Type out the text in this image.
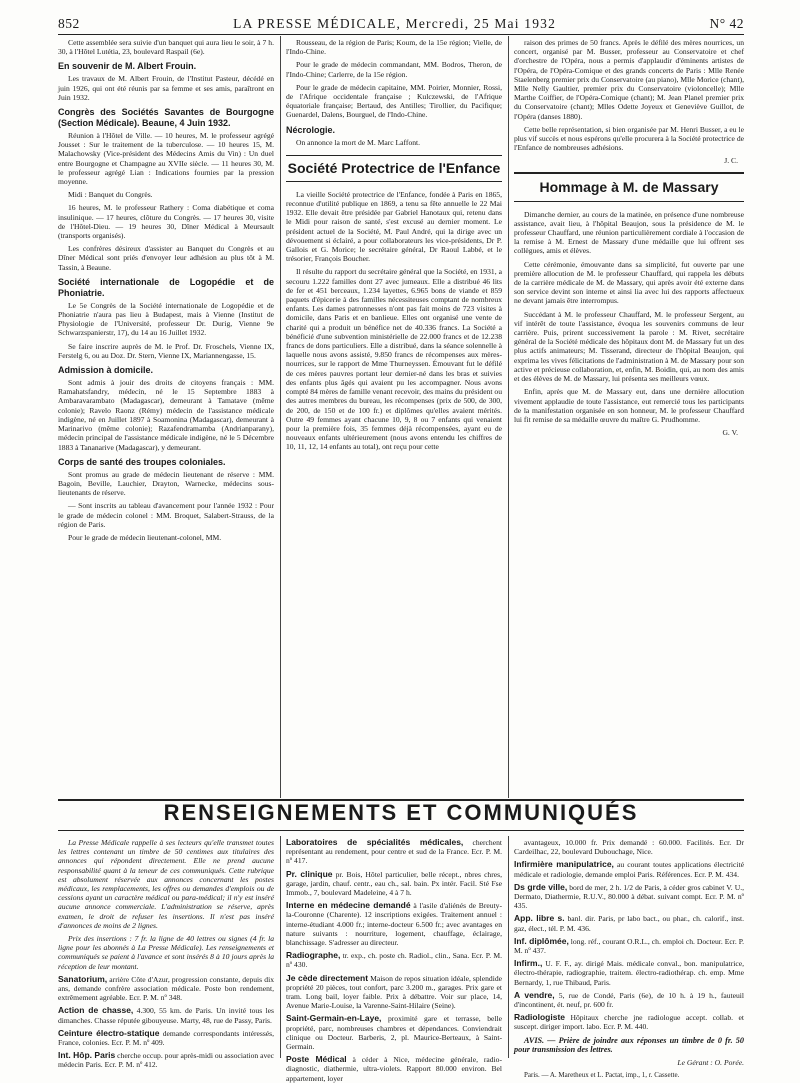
852	LA PRESSE MÉDICALE, Mercredi, 25 Mai 1932	N° 42

Cette assemblée sera suivie d'un banquet qui aura lieu le soir, à 7 h. 30, à l'Hôtel Lutétia, 23, boulevard Raspail (6e).

En souvenir de M. Albert Frouin.

Les travaux de M. Albert Frouin, de l'Institut Pasteur, décédé en juin 1926, qui ont été réunis par sa femme et ses amis, paraîtront en Juin 1932.

Congrès des Sociétés Savantes de Bourgogne (Section Médicale). Beaune, 4 Juin 1932.

Réunion à l'Hôtel de Ville. — 10 heures, M. le professeur agrégé Jousset : Sur le traitement de la tuberculose. — 10 heures 15, M. Malachowsky (Vice-président des Médecins Amis du Vin) : Un duel entre Bourgogne et Champagne au XVIIe siècle. — 11 heures 30, M. le professeur agrégé Lian : Indications fournies par la pression moyenne.

Midi : Banquet du Congrès.

16 heures, M. le professeur Rathery : Coma diabétique et coma insulinique. — 17 heures, clôture du Congrès. — 17 heures 30, visite de l'Hôtel-Dieu. — 19 heures 30, Dîner Médical à Meursault (transports organisés).

Les confrères désireux d'assister au Banquet du Congrès et au Dîner Médical sont priés d'envoyer leur adhésion au plus tôt à M. Tassin, à Beaune.

Société internationale de Logopédie et de Phoniatrie.

Le 5e Congrès de la Société internationale de Logopédie et de Phoniatrie n'aura pas lieu à Budapest, mais à Vienne (Institut de Physiologie de l'Université, professeur Dr. Durig, Vienne 9e Schwarzspanierstr, 17), du 14 au 16 Juillet 1932.

Se faire inscrire auprès de M. le Prof. Dr. Froschels, Vienne IX, Ferstelg 6, ou au Doz. Dr. Stern, Vienne IX, Mariannengasse, 15.

Admission à domicile.

Sont admis à jouir des droits de citoyens français : MM. Ramahatsfandry, médecin, né le 15 Septembre 1883 à Ambaravarambato (Madagascar), demeurant à Tamatave (même colonie); Ravelo Raonz (Rémy) médecin de l'assistance médicale indigène, né en Juillet 1897 à Soamonina (Madagascar), demeurant à Marinarivo (même colonie); Razafendramamba (Andrianparany), médecin principal de l'assistance médicale indigène, né le 5 Décembre 1883 à Tananarive (Madagascar), y demeurant.

Corps de santé des troupes coloniales.

Sont promus au grade de médecin lieutenant de réserve : MM. Bagoin, Beville, Lauchier, Drayton, Warnecke, médecins sous-lieutenants de réserve.

— Sont inscrits au tableau d'avancement pour l'année 1932 : Pour le grade de médecin colonel : MM. Broquet, Salabert-Strauss, de la région de Paris.

Pour le grade de médecin lieutenant-colonel, MM.

Rousseau, de la région de Paris; Koum, de la 15e région; Vielle, de l'Indo-Chine.

Pour le grade de médecin commandant, MM. Bodros, Theron, de l'Indo-Chine; Carlerre, de la 15e région.

Pour le grade de médecin capitaine, MM. Poirier, Monnier, Rossi, de l'Afrique occidentale française ; Kulczewski, de l'Afrique équatoriale française; Bertaud, des Antilles; Tirollier, du Pacifique; Guenardel, Dalens, Bourguel, de l'Indo-Chine.

Nécrologie.

On annonce la mort de M. Marc Laffont.

Société Protectrice de l'Enfance

La vieille Société protectrice de l'Enfance, fondée à Paris en 1865, reconnue d'utilité publique en 1869, a tenu sa fête annuelle le 22 Mai 1932. Elle devait être présidée par Gabriel Hanotaux qui, retenu dans le Midi pour raison de santé, s'est excusé au dernier moment. Le président actuel de la Société, M. Paul André, qui la dirige avec un dévouement si éclairé, a pour collaborateurs les vice-présidents, Dr P. Gallois et G. Morice; le secrétaire général, Dr Raoul Labbé, et le trésorier, François Boucher.

Il résulte du rapport du secrétaire général que la Société, en 1931, a secouru 1.222 familles dont 27 avec jumeaux. Elle a distribué 46 lits de fer et 451 berceaux, 1.234 layettes, 6.965 bons de viande et 859 paquets d'épicerie à des familles nécessiteuses comptant de nombreux enfants. Les dames patronnesses n'ont pas fait moins de 723 visites à domicile, dans Paris et en banlieue. Elles ont organisé une vente de charité qui a produit un bénéfice net de 40.336 francs. La Société a bénéficié d'une subvention ministérielle de 22.000 francs et de 12.238 francs de dons particuliers. Elle a distribué, dans la séance solennelle à laquelle nous avons assisté, 9.850 francs de récompenses aux mères-nourrices, sur le rapport de Mme Thurneyssen. Émouvant fut le défilé de ces mères pauvres portant leur dernier-né dans les bras et suivies des enfants plus âgés qui avaient pu les accompagner. Nous avons compté 84 mères de famille venant recevoir, des mains du président ou des autres membres du bureau, les récompenses (prix de 500, de 300, de 200, de 150 et de 100 fr.) et diplômes qu'elles avaient mérités. Outre 49 femmes ayant chacune 10, 9, 8 ou 7 enfants qui venaient pour la première fois, 35 femmes déjà récompensées, ayant eu de nouveaux enfants ultérieurement (nous avons entendu les chiffres de 10, 11, 12, 14 enfants au total), ont reçu pour cette

raison des primes de 50 francs. Après le défilé des mères nourrices, un concert, organisé par M. Busser, professeur au Conservatoire et chef d'orchestre de l'Opéra, nous a permis d'applaudir d'éminents artistes de l'Opéra, de l'Opéra-Comique et des grands concerts de Paris : Mlle Renée Staelenberg premier prix du Conservatoire (au piano), Mlle Morice (chant), Mlle Nelly Gaultier, premier prix du Conservatoire (violoncelle); Mlle Marthe Coiffier, de l'Opéra-Comique (chant); M. Jean Planel premier prix du Conservatoire (chant); Mlles Odette Joyeux et Geneviève Guillot, de l'Opéra (danses 1880).

Cette belle représentation, si bien organisée par M. Henri Busser, a eu le plus vif succès et nous espérons qu'elle procurera à la Société protectrice de l'Enfance de nombreuses adhésions.

J. C.

Hommage à M. de Massary

Dimanche dernier, au cours de la matinée, en présence d'une nombreuse assistance, avait lieu, à l'hôpital Beaujon, sous la présidence de M. le professeur Chauffard, une réunion particulièrement cordiale à l'occasion de la remise à M. Ernest de Massary d'une médaille que lui offrent ses collègues, amis et élèves.

Cette cérémonie, émouvante dans sa simplicité, fut ouverte par une première allocution de M. le professeur Chauffard, qui rappela les débuts de la carrière médicale de M. de Massary, qui après avoir été externe dans son service devint son interne et ainsi lia avec lui des rapports affectueux ne devant jamais être interrompus.

Succédant à M. le professeur Chauffard, M. le professeur Sergent, au vif intérêt de toute l'assistance, évoqua les souvenirs communs de leur carrière. Puis, prirent successivement la parole : M. Rivet, secrétaire général de la Société médicale des hôpitaux dont M. de Massary fut un des plus actifs animateurs; M. Tisserand, directeur de l'hôpital Beaujon, qui exprima les vives félicitations de l'administration à M. de Massary pour son active et précieuse collaboration, et, enfin, M. Boidin, qui, au nom des amis et des élèves de M. de Massary, lui présenta ses meilleurs vœux.

Enfin, après que M. de Massary eut, dans une dernière allocution vivement applaudie de toute l'assistance, eut remercié tous les participants de la manifestation organisée en son honneur, M. le professeur Chauffard lui fit remise de sa médaille œuvre du maître G. Prudhomme.

G. V.

RENSEIGNEMENTS ET COMMUNIQUÉS

La Presse Médicale rappelle à ses lecteurs qu'elle transmet toutes les lettres contenant un timbre de 50 centimes aux titulaires des annonces qui répondent directement. Elle ne prend aucune responsabilité quant à la teneur de ces communiqués. Cette rubrique est absolument réservée aux annonces concernant les postes médicaux, les remplacements, les offres ou demandes d'emplois ou de cessions ayant un caractère médical ou para-médical; il n'y est inséré aucune annonce commerciale. L'administration se réserve, après examen, le droit de refuser les insertions. Il n'est pas inséré d'annonces de moins de 2 lignes.

Prix des insertions : 7 fr. la ligne de 40 lettres ou signes (4 fr. la ligne pour les abonnés à La Presse Médicale). Les renseignements et communiqués se paient à l'avance et sont insérés 8 à 10 jours après la réception de leur montant.

Sanatorium, arrière Côte d'Azur, progression constante, depuis dix ans, demande confrère association médicale. Poste bon rendement, extrêmement agréable. Ecr. P. M. nº 348.

Action de chasse, 4.300, 55 km. de Paris. Un invité tous les dimanches. Chasse réputée gibouyeuse. Marty, 48, rue de Passy, Paris.

Ceinture électro-statique demande correspondants intéressés, France, colonies. Ecr. P. M. nº 409.

Int. Hôp. Paris cherche occup. pour après-midi ou association avec médecin Paris. Ecr. P. M. nº 412.

Laboratoires de spécialités médicales, cherchent représentant au rendement, pour centre et sud de la France. Ecr. P. M. nº 417.

Pr. clinique pr. Bois, Hôtel particulier, belle récept., nbres chres, garage, jardin, chauf. centr., eau ch., sal. bain. Px intér. Facil. Sté Fse Immob., 7, boulevard Madeleine, 4 à 7 h.

Interne en médecine demandé à l'asile d'aliénés de Breuty-la-Couronne (Charente). 12 inscriptions exigées. Traitement annuel : interne-étudiant 4.000 fr.; interne-docteur 6.500 fr.; avec avantages en nature suivants : nourriture, logement, chauffage, éclairage, blanchissage. S'adresser au directeur.

Radiographe, tr. exp., ch. poste ch. Radiol., clin., Sana. Ecr. P. M. nº 430.

Je cède directement Maison de repos situation idéale, splendide propriété 20 pièces, tout confort, parc 3.200 m., garages. Prix gare et tram. Long bail, loyer faible. Prix à débattre. Voir sur place, 14, Avenue Marie-Louise, la Varenne-Saint-Hilaire (Seine).

Saint-Germain-en-Laye, proximité gare et terrasse, belle propriété, parc, nombreuses chambres et dépendances. Conviendrait clinique ou Docteur. Barberis, 2, pl. Maurice-Berteaux, à Saint-Germain.

Poste Médical à céder à Nice, médecine générale, radio-diagnostic, diathermie, ultra-violets. Rapport 80.000 environ. Bel appartement, loyer

avantageux, 10.000 fr. Prix demandé : 60.000. Facilités. Ecr. Dr Cardeilhac, 22, boulevard Dubouchage, Nice.

Infirmière manipulatrice, au courant toutes applications électricité médicale et radiologie, demande emploi Paris. Références. Ecr. P. M. 434.

Ds grde ville, bord de mer, 2 h. 1/2 de Paris, à céder gros cabinet V. U., Dermato, Diathermie, R.U.V., 80.000 à débat. suivant compt. Ecr. P. M. nº 435.

App. libre s. banl. dir. Paris, pr labo bact., ou phar., ch. calorif., inst. gaz, élect., tél. P. M. 436.

Inf. diplômée, long. réf., courant O.R.L., ch. emploi ch. Docteur. Ecr. P. M. nº 437.

Infirm., U. F. F., ay. dirigé Mais. médicale conval., bon. manipulatrice, électro-thérapie, radiographie, traitem. électro-radiothérap. ch. emp. Mme Bernardy, 1, rue Thibaud, Paris.

A vendre, 5, rue de Condé, Paris (6e), de 10 h. à 19 h., fauteuil d'incontinent, ét. neuf, pr. 600 fr.

Radiologiste Hôpitaux cherche jne radiologue accept. collab. et suscept. diriger import. labo. Ecr. P. M. 440.

AVIS. — Prière de joindre aux réponses un timbre de 0 fr. 50 pour transmission des lettres.

Le Gérant : O. Porée.

Paris. — A. Maretheux et L. Pactat, imp., 1, r. Cassette.
